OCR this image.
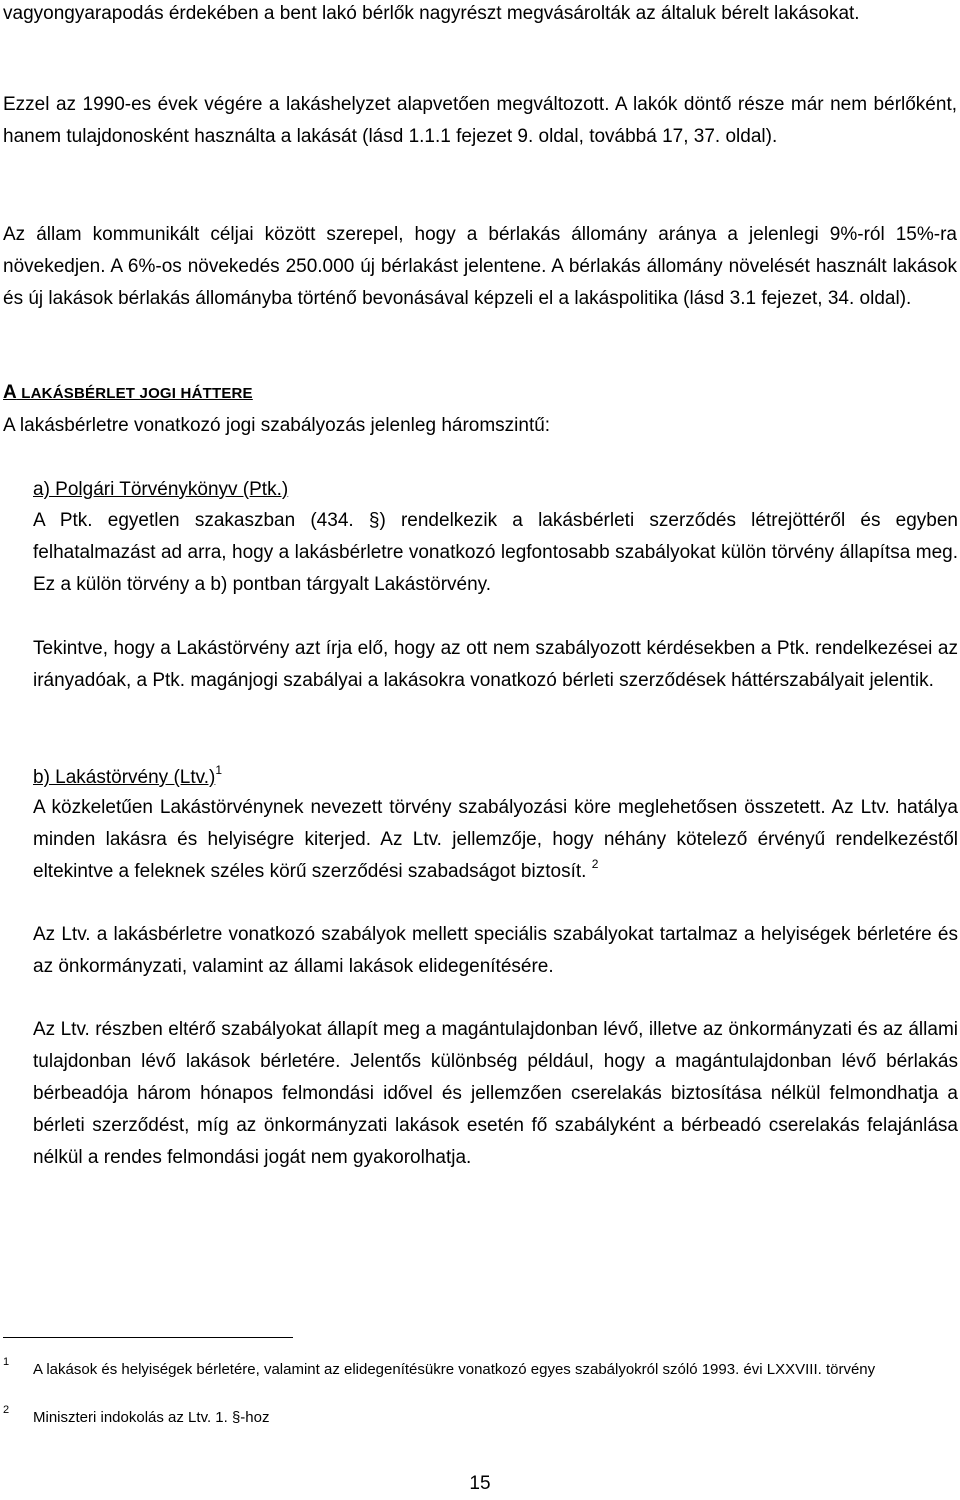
vagyongyarapodás érdekében a bent lakó bérlők nagyrészt megvásárolták az általuk bérelt lakásokat.

Ezzel az 1990-es évek végére a lakáshelyzet alapvetően megváltozott. A lakók döntő része már nem bérlőként, hanem tulajdonosként használta a lakását (lásd 1.1.1 fejezet 9. oldal, továbbá 17, 37. oldal).

Az állam kommunikált céljai között szerepel, hogy a bérlakás állomány aránya a jelenlegi 9%-ról 15%-ra növekedjen. A 6%-os növekedés 250.000 új bérlakást jelentene. A bérlakás állomány növelését használt lakások és új lakások bérlakás állományba történő bevonásával képzeli el a lakáspolitika (lásd 3.1 fejezet, 34. oldal).

A LAKÁSBÉRLET JOGI HÁTTERE
A lakásbérletre vonatkozó jogi szabályozás jelenleg háromszintű:
a) Polgári Törvénykönyv (Ptk.)

A Ptk. egyetlen szakaszban (434. §) rendelkezik a lakásbérleti szerződés létrejöttéről és egyben felhatalmazást ad arra, hogy a lakásbérletre vonatkozó legfontosabb szabályokat külön törvény állapítsa meg. Ez a külön törvény a b) pontban tárgyalt Lakástörvény.

Tekintve, hogy a Lakástörvény azt írja elő, hogy az ott nem szabályozott kérdésekben a Ptk. rendelkezései az irányadóak, a Ptk. magánjogi szabályai a lakásokra vonatkozó bérleti szerződések háttérszabályait jelentik.

b) Lakástörvény $(Ltv.)^1$

A közkeletűen Lakástörvénynek nevezett törvény szabályozási köre meglehetősen összetett. Az Ltv. hatálya minden lakásra és helyiségre kiterjed. Az Ltv. jellemzője, hogy néhány kötelező érvényű rendelkezéstől eltekintve a feleknek széles körű szerződési szabadságot biztosít. $^2$

Az Ltv. a lakásbérletre vonatkozó szabályok mellett speciális szabályokat tartalmaz a helyiségek bérletére és az önkormányzati, valamint az állami lakások elidegenítésére.

Az Ltv. részben eltérő szabályokat állapít meg a magántulajdonban lévő, illetve az önkormányzati és az állami tulajdonban lévő lakások bérletére. Jelentős különbség például, hogy a magántulajdonban lévő bérlakás bérbeadója három hónapos felmondási idővel és jellemzően cserelakás biztosítása nélkül felmondhatja a bérleti szerződést, míg az önkormányzati lakások esetén fő szabályként a bérbeadó cserelakás felajánlása nélkül a rendes felmondási jogát nem gyakorolhatja.

1 A lakások és helyiségek bérletére, valamint az elidegenítésükre vonatkozó egyes szabályokról szóló 1993. évi LXXVIII. törvény
2 Miniszteri indokolás az Ltv. 1. §-hoz
15
